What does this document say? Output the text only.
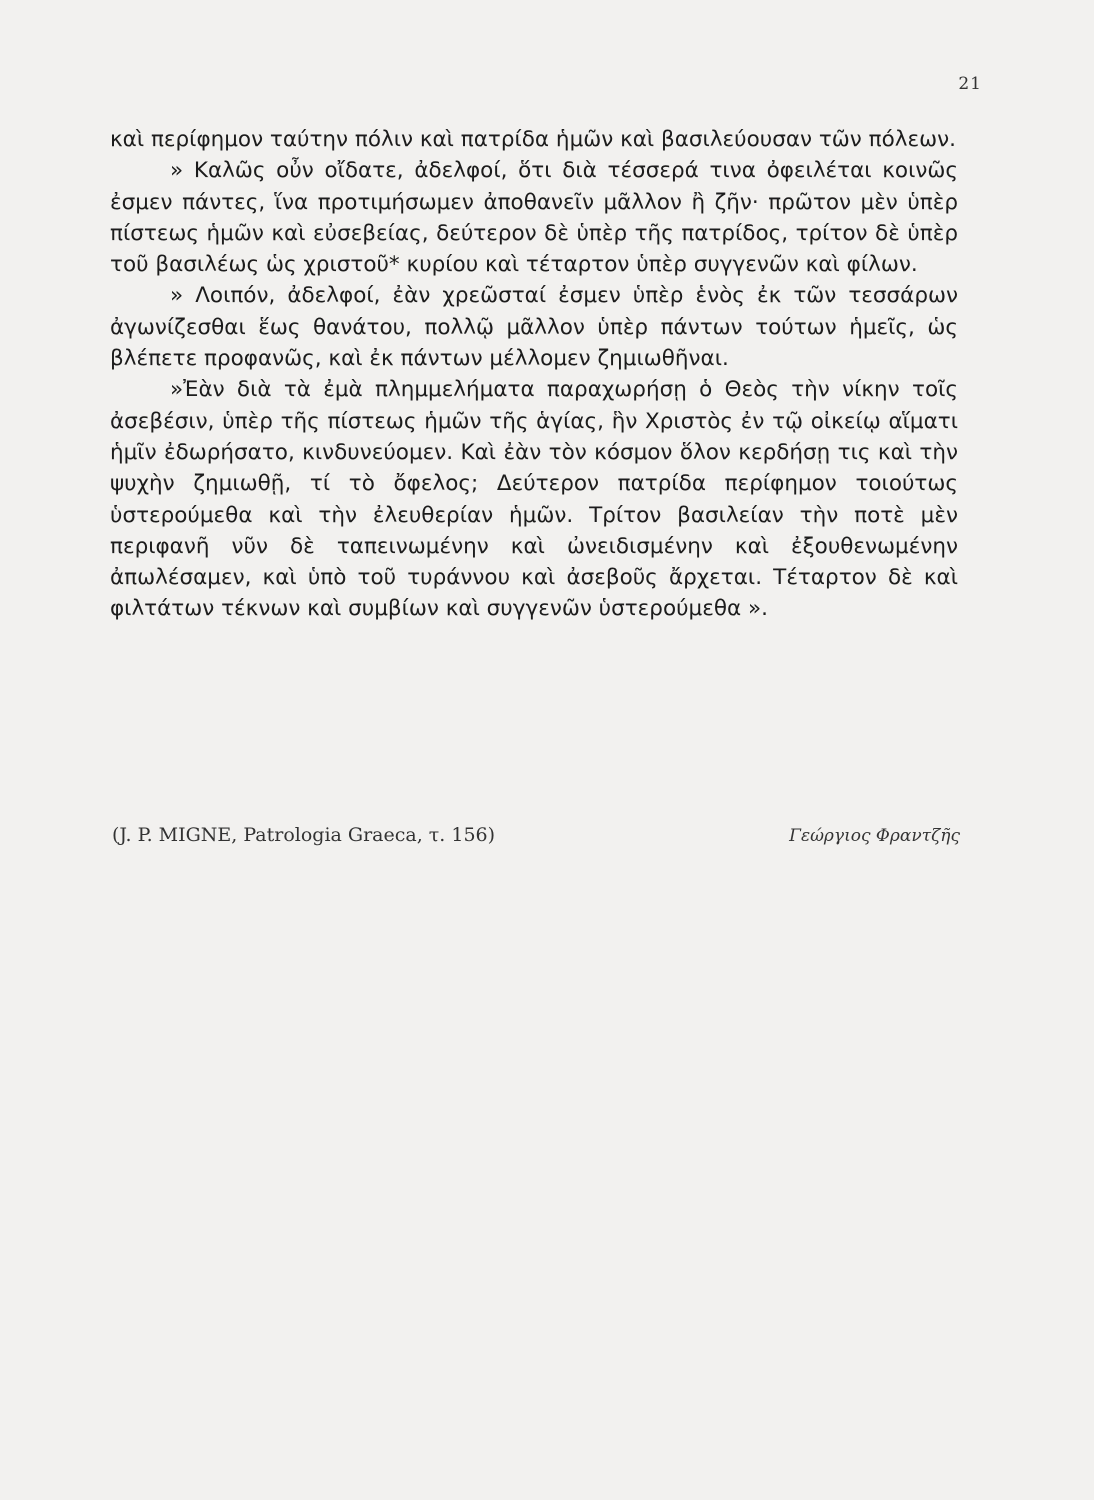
21

καὶ περίφημον ταύτην πόλιν καὶ πατρίδα ἡμῶν καὶ βασιλεύουσαν τῶν πόλεων.

» Καλῶς οὖν οἴδατε, ἀδελφοί, ὅτι διὰ τέσσερά τινα ὀφειλέται κοινῶς ἐσμεν πάντες, ἵνα προτιμήσωμεν ἀποθανεῖν μᾶλλον ἢ ζῆν· πρῶτον μὲν ὑπὲρ πίστεως ἡμῶν καὶ εὐσεβείας, δεύτερον δὲ ὑπὲρ τῆς πατρίδος, τρίτον δὲ ὑπὲρ τοῦ βασιλέως ὡς χριστοῦ* κυρίου καὶ τέταρτον ὑπὲρ συγγενῶν καὶ φίλων.

» Λοιπόν, ἀδελφοί, ἐὰν χρεῶσταί ἐσμεν ὑπὲρ ἑνὸς ἐκ τῶν τεσσάρων ἀγωνίζεσθαι ἕως θανάτου, πολλῷ μᾶλλον ὑπὲρ πάντων τούτων ἡμεῖς, ὡς βλέπετε προφανῶς, καὶ ἐκ πάντων μέλλομεν ζημιωθῆναι.

»Ἐὰν διὰ τὰ ἐμὰ πλημμελήματα παραχωρήσῃ ὁ Θεὸς τὴν νίκην τοῖς ἀσεβέσιν, ὑπὲρ τῆς πίστεως ἡμῶν τῆς ἁγίας, ἣν Χριστὸς ἐν τῷ οἰκείῳ αἵματι ἡμῖν ἐδωρήσατο, κινδυνεύομεν. Καὶ ἐὰν τὸν κόσμον ὅλον κερδήσῃ τις καὶ τὴν ψυχὴν ζημιωθῇ, τί τὸ ὄφελος; Δεύτερον πατρίδα περίφημον τοιούτως ὑστερούμεθα καὶ τὴν ἐλευθερίαν ἡμῶν. Τρίτον βασιλείαν τὴν ποτὲ μὲν περιφανῆ νῦν δὲ ταπεινωμένην καὶ ὠνειδισμένην καὶ ἐξουθενωμένην ἀπωλέσαμεν, καὶ ὑπὸ τοῦ τυράννου καὶ ἀσεβοῦς ἄρχεται. Τέταρτον δὲ καὶ φιλτάτων τέκνων καὶ συμβίων καὶ συγγενῶν ὑστερούμεθα ».

(J. P. MIGNE, Patrologia Graeca, τ. 156)	Γεώργιος Φραντζῆς
